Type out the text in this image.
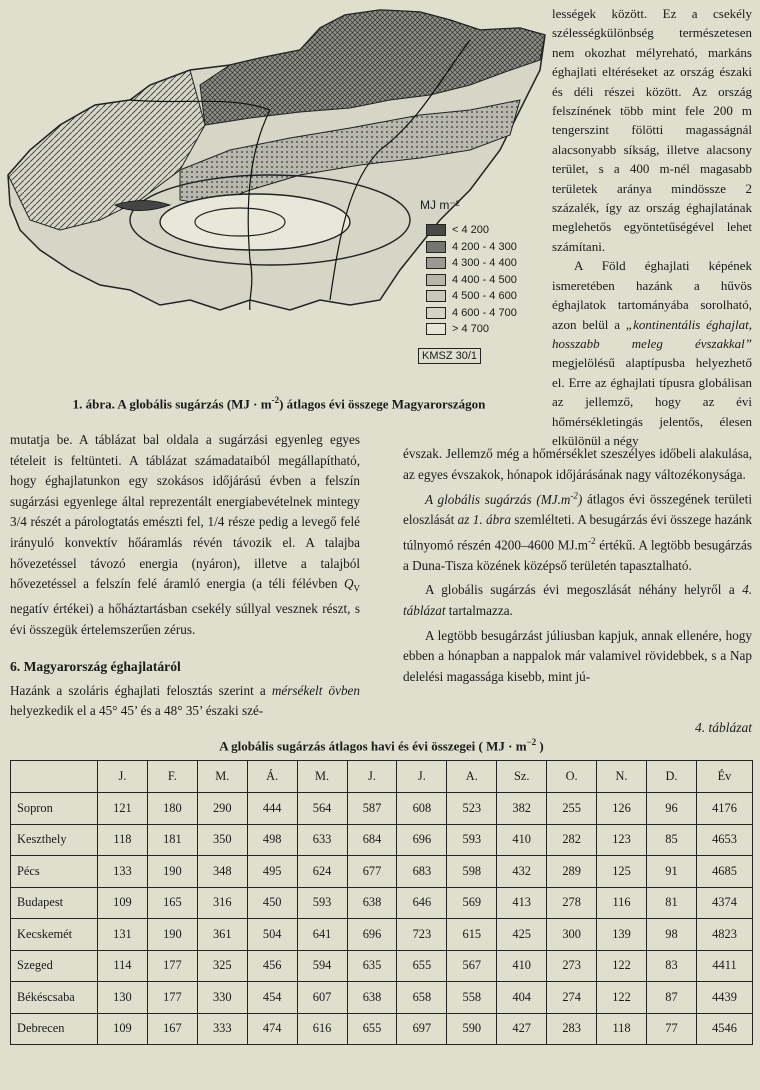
MJ m⁻²
< 4 200
4 200 - 4 300
4 300 - 4 400
4 400 - 4 500
4 500 - 4 600
4 600 - 4 700
> 4 700
KMSZ 30/1
1. ábra. A globális sugárzás $(MJ \cdot m^{-2})$ átlagos évi összege Magyarországon

lességek között. Ez a csekély szélességkülönbség természetesen nem okozhat mélyreható, markáns éghajlati eltéréseket az ország északi és déli részei között. Az ország felszínének több mint fele 200 m tengerszint fölötti magasságnál alacsonyabb síkság, illetve alacsony terület, s a 400 m-nél magasabb területek aránya mindössze 2 százalék, így az ország éghajlatának meglehetős egyöntetűségével lehet számítani.

A Föld éghajlati képének ismeretében hazánk a hűvös éghajlatok tartományába sorolható, azon belül a „kontinentális éghajlat, hosszabb meleg évszakkal” megjelölésű alaptípusba helyezhető el. Erre az éghajlati típusra globálisan az jellemző, hogy az évi hőmérsékletingás jelentős, élesen elkülönül a négy

mutatja be. A táblázat bal oldala a sugárzási egyenleg egyes tételeit is feltünteti. A táblázat számadataiból megállapítható, hogy éghajlatunkon egy szokásos időjárású évben a felszín sugárzási egyenlege által reprezentált energiabevételnek mintegy 3/4 részét a párologtatás emészti fel, 1/4 része pedig a levegő felé irányuló konvektív hőáramlás révén távozik el. A talajba hővezetéssel távozó energia (nyáron), illetve a talajból hővezetéssel a felszín felé áramló energia (a téli félévben $Q_V$ negatív értékei) a hőháztartásban csekély súllyal vesznek részt, s évi összegük értelemszerűen zérus.

6. Magyarország éghajlatáról

Hazánk a szoláris éghajlati felosztás szerint a mérsékelt övben helyezkedik el a 45° 45’ és a 48° 35’ északi szé-

évszak. Jellemző még a hőmérséklet szeszélyes időbeli alakulása, az egyes évszakok, hónapok időjárásának nagy változékonysága.

A globális sugárzás $(MJ.m^{-2})$ átlagos évi összegének területi eloszlását az 1. ábra szemlélteti. A besugárzás évi összege hazánk túlnyomó részén 4200–4600 $MJ.m^{-2}$ értékű. A legtöbb besugárzás a Duna-Tisza közének középső területén tapasztalható.

A globális sugárzás évi megoszlását néhány helyről a 4. táblázat tartalmazza.

A legtöbb besugárzást júliusban kapjuk, annak ellenére, hogy ebben a hónapban a nappalok már valamivel rövidebbek, s a Nap delelési magassága kisebb, mint jú-

4. táblázat
A globális sugárzás átlagos havi és évi összegei ( MJ · $m^{-2}$ )
	J.	F.	M.	Á.	M.	J.	J.	A.	Sz.	O.	N.	D.	Év
Sopron	121	180	290	444	564	587	608	523	382	255	126	96	4176
Keszthely	118	181	350	498	633	684	696	593	410	282	123	85	4653
Pécs	133	190	348	495	624	677	683	598	432	289	125	91	4685
Budapest	109	165	316	450	593	638	646	569	413	278	116	81	4374
Kecskemét	131	190	361	504	641	696	723	615	425	300	139	98	4823
Szeged	114	177	325	456	594	635	655	567	410	273	122	83	4411
Békéscsaba	130	177	330	454	607	638	658	558	404	274	122	87	4439
Debrecen	109	167	333	474	616	655	697	590	427	283	118	77	4546
